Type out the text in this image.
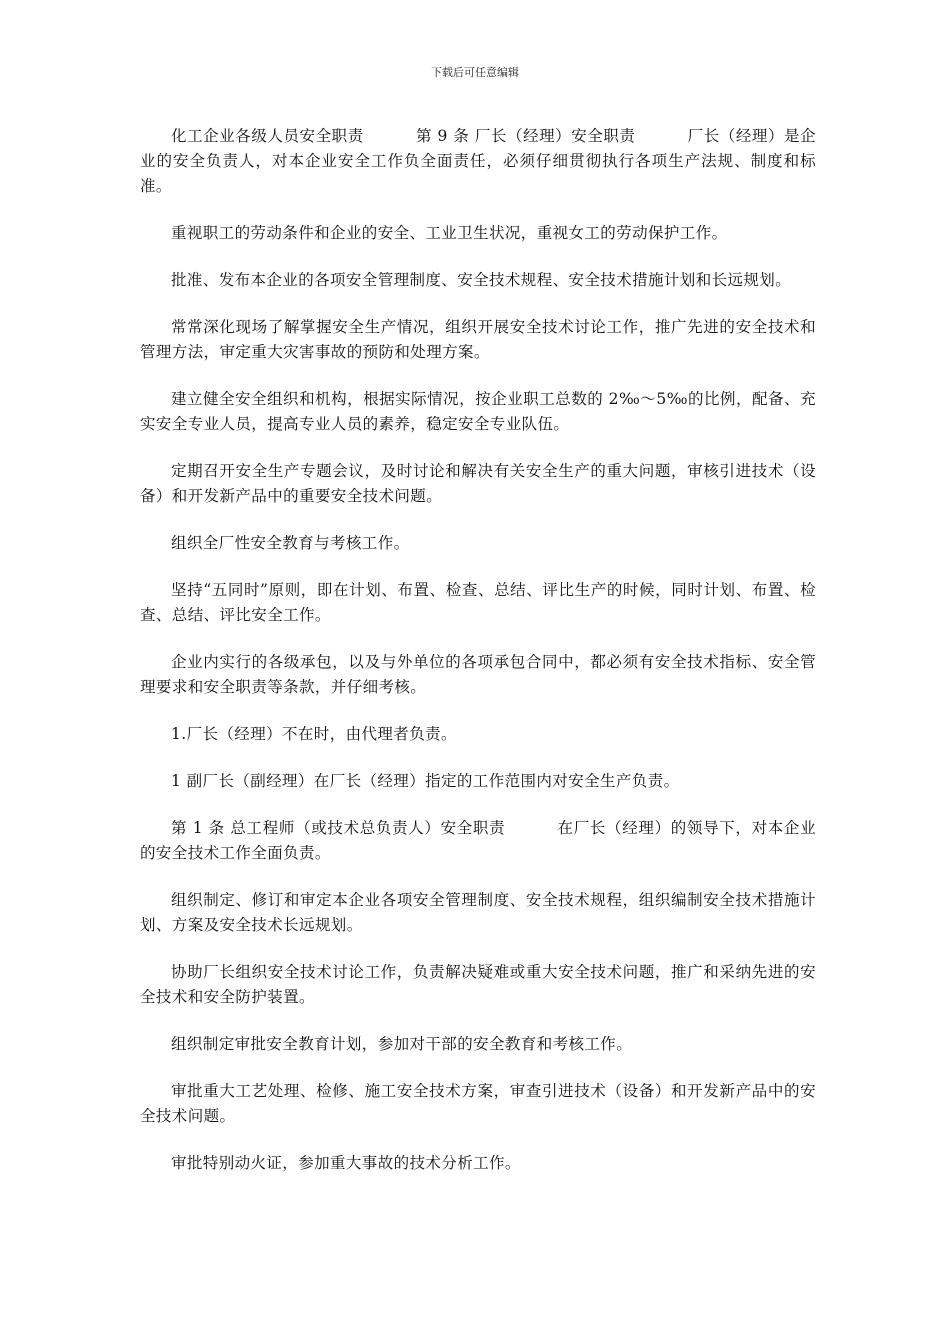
下载后可任意编辑

化工企业各级人员安全职责	第 9 条 厂长（经理）安全职责	厂长（经理）是企业的安全负责人，对本企业安全工作负全面责任，必须仔细贯彻执行各项生产法规、制度和标准。

重视职工的劳动条件和企业的安全、工业卫生状况，重视女工的劳动保护工作。

批准、发布本企业的各项安全管理制度、安全技术规程、安全技术措施计划和长远规划。

常常深化现场了解掌握安全生产情况，组织开展安全技术讨论工作，推广先进的安全技术和管理方法，审定重大灾害事故的预防和处理方案。

建立健全安全组织和机构，根据实际情况，按企业职工总数的 2‰～5‰的比例，配备、充实安全专业人员，提高专业人员的素养，稳定安全专业队伍。

定期召开安全生产专题会议，及时讨论和解决有关安全生产的重大问题，审核引进技术（设备）和开发新产品中的重要安全技术问题。

组织全厂性安全教育与考核工作。

坚持“五同时”原则，即在计划、布置、检查、总结、评比生产的时候，同时计划、布置、检查、总结、评比安全工作。

企业内实行的各级承包，以及与外单位的各项承包合同中，都必须有安全技术指标、安全管理要求和安全职责等条款，并仔细考核。

1.厂长（经理）不在时，由代理者负责。

1 副厂长（副经理）在厂长（经理）指定的工作范围内对安全生产负责。

第 1 条 总工程师（或技术总负责人）安全职责	在厂长（经理）的领导下，对本企业的安全技术工作全面负责。

组织制定、修订和审定本企业各项安全管理制度、安全技术规程，组织编制安全技术措施计划、方案及安全技术长远规划。

协助厂长组织安全技术讨论工作，负责解决疑难或重大安全技术问题，推广和采纳先进的安全技术和安全防护装置。

组织制定审批安全教育计划，参加对干部的安全教育和考核工作。

审批重大工艺处理、检修、施工安全技术方案，审查引进技术（设备）和开发新产品中的安全技术问题。

审批特别动火证，参加重大事故的技术分析工作。
